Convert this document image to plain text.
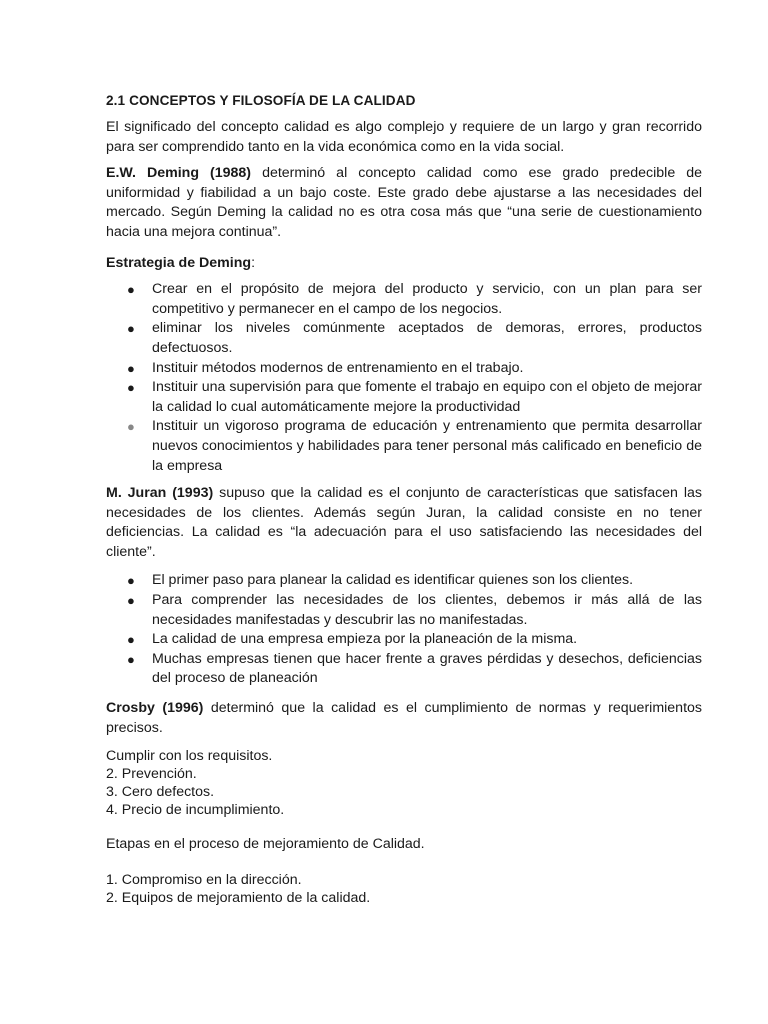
2.1 CONCEPTOS Y FILOSOFÍA DE LA CALIDAD

El significado del concepto calidad es algo complejo y requiere de un largo y gran recorrido para ser comprendido tanto en la vida económica como en la vida social.

E.W. Deming (1988) determinó al concepto calidad como ese grado predecible de uniformidad y fiabilidad a un bajo coste. Este grado debe ajustarse a las necesidades del mercado. Según Deming la calidad no es otra cosa más que “una serie de cuestionamiento hacia una mejora continua”.

Estrategia de Deming:

● Crear en el propósito de mejora del producto y servicio, con un plan para ser competitivo y permanecer en el campo de los negocios.
● eliminar los niveles comúnmente aceptados de demoras, errores, productos defectuosos.
● Instituir métodos modernos de entrenamiento en el trabajo.
● Instituir una supervisión para que fomente el trabajo en equipo con el objeto de mejorar la calidad lo cual automáticamente mejore la productividad
● Instituir un vigoroso programa de educación y entrenamiento que permita desarrollar nuevos conocimientos y habilidades para tener personal más calificado en beneficio de la empresa

M. Juran (1993) supuso que la calidad es el conjunto de características que satisfacen las necesidades de los clientes. Además según Juran, la calidad consiste en no tener deficiencias. La calidad es “la adecuación para el uso satisfaciendo las necesidades del cliente”.

● El primer paso para planear la calidad es identificar quienes son los clientes.
● Para comprender las necesidades de los clientes, debemos ir más allá de las necesidades manifestadas y descubrir las no manifestadas.
● La calidad de una empresa empieza por la planeación de la misma.
● Muchas empresas tienen que hacer frente a graves pérdidas y desechos, deficiencias del proceso de planeación

Crosby (1996) determinó que la calidad es el cumplimiento de normas y requerimientos precisos.

Cumplir con los requisitos.
2. Prevención.
3. Cero defectos.
4. Precio de incumplimiento.
Etapas en el proceso de mejoramiento de Calidad.
1. Compromiso en la dirección.
2. Equipos de mejoramiento de la calidad.
